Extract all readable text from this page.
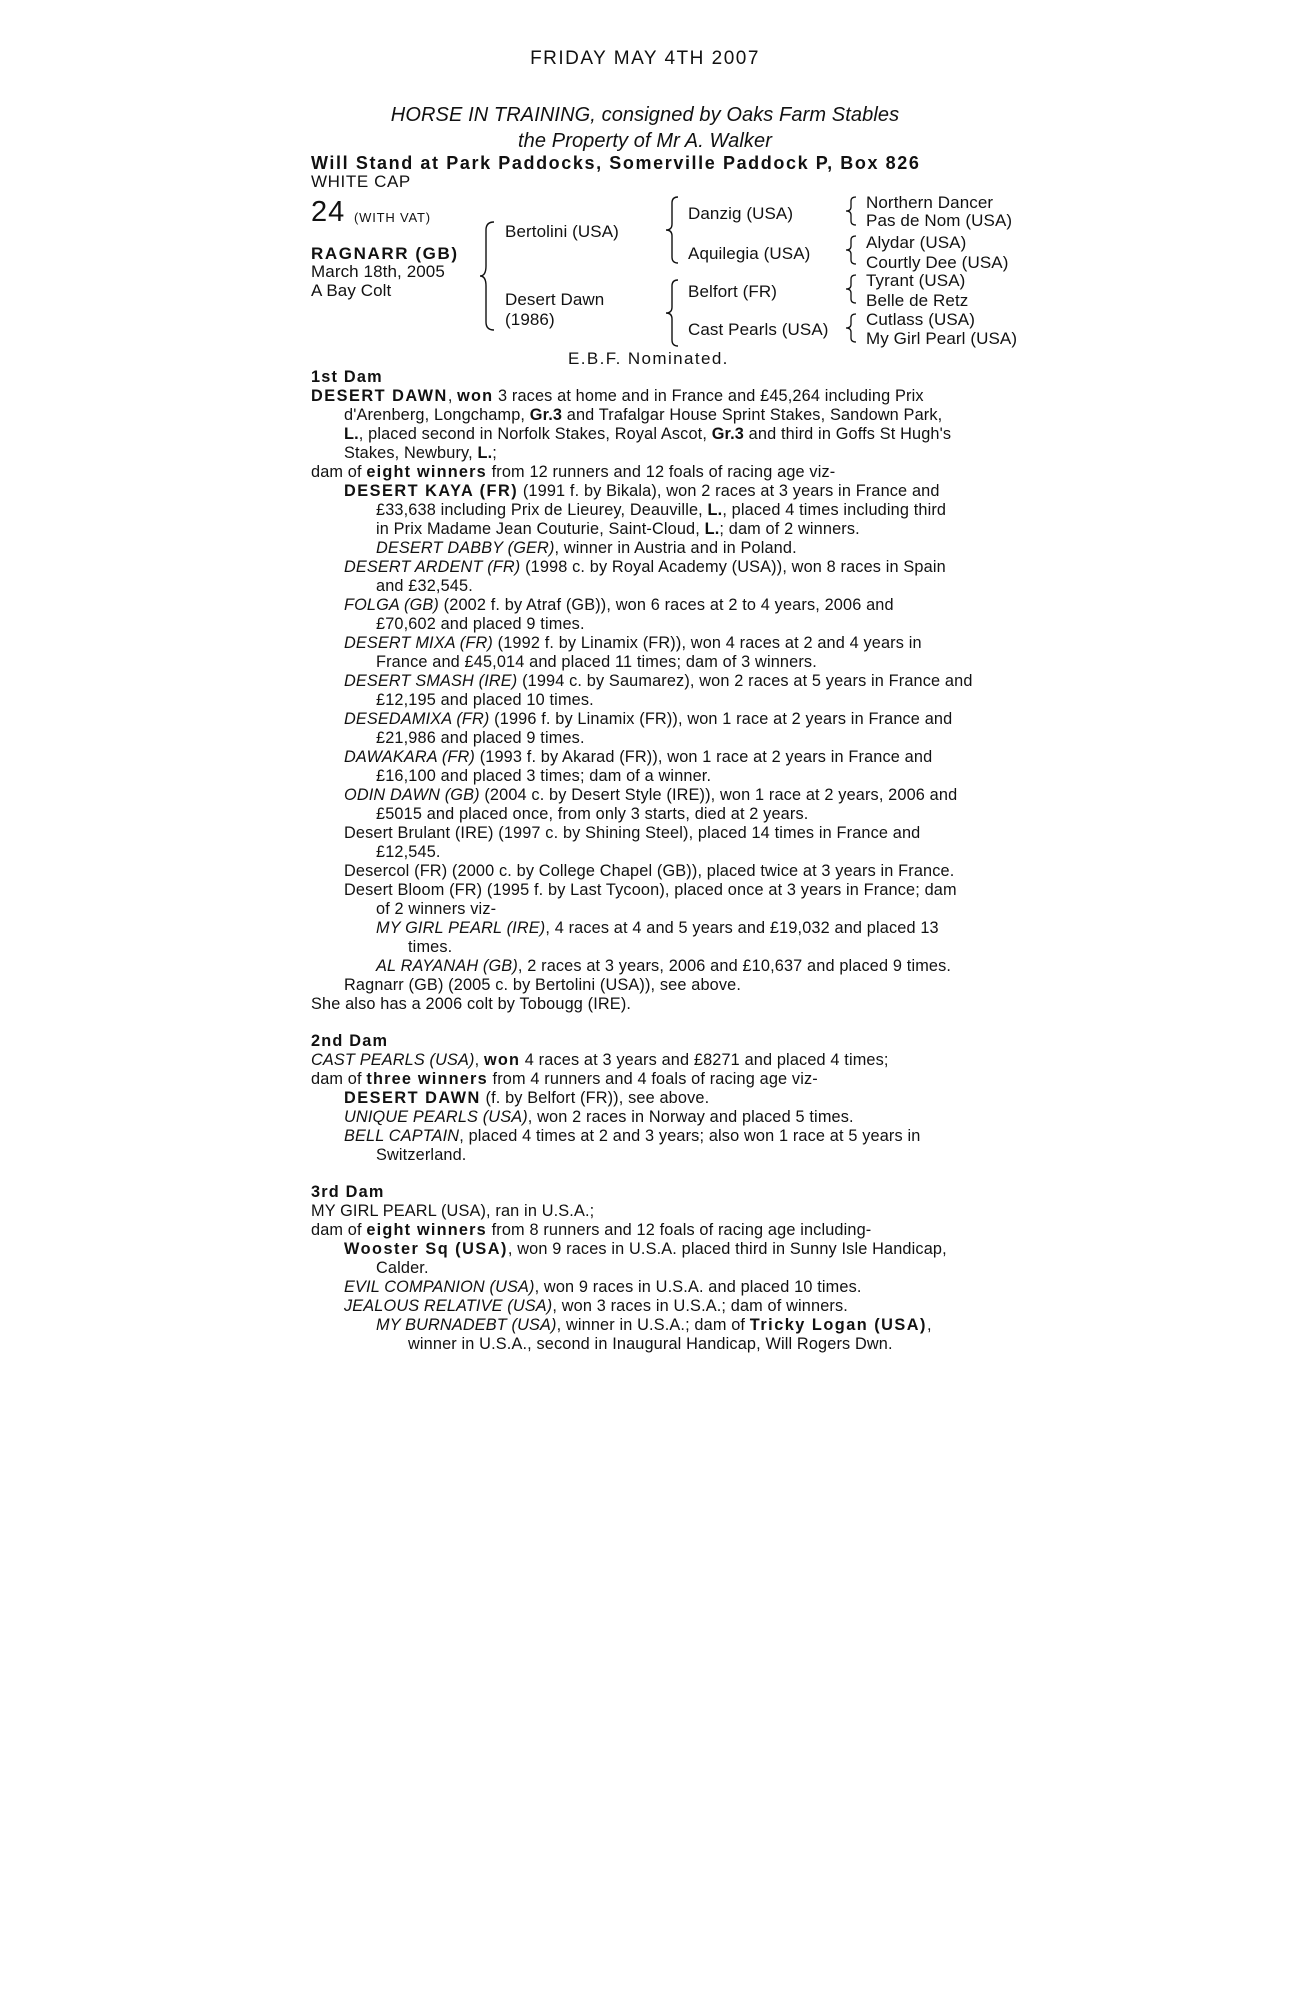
FRIDAY MAY 4TH 2007
HORSE IN TRAINING, consigned by Oaks Farm Stables
the Property of Mr A. Walker
Will Stand at Park Paddocks, Somerville Paddock P, Box 826
WHITE CAP
24 (WITH VAT)
RAGNARR (GB)
March 18th, 2005
A Bay Colt
Bertolini (USA)
Desert Dawn
(1986)
Danzig (USA)
Aquilegia (USA)
Belfort (FR)
Cast Pearls (USA)
Northern Dancer
Pas de Nom (USA)
Alydar (USA)
Courtly Dee (USA)
Tyrant (USA)
Belle de Retz
Cutlass (USA)
My Girl Pearl (USA)
E.B.F. Nominated.
1st Dam
DESERT DAWN, won 3 races at home and in France and £45,264 including Prix
d'Arenberg, Longchamp, Gr.3 and Trafalgar House Sprint Stakes, Sandown Park,
L., placed second in Norfolk Stakes, Royal Ascot, Gr.3 and third in Goffs St Hugh's
Stakes, Newbury, L.;
dam of eight winners from 12 runners and 12 foals of racing age viz-
DESERT KAYA (FR) (1991 f. by Bikala), won 2 races at 3 years in France and
£33,638 including Prix de Lieurey, Deauville, L., placed 4 times including third
in Prix Madame Jean Couturie, Saint-Cloud, L.; dam of 2 winners.
DESERT DABBY (GER), winner in Austria and in Poland.
DESERT ARDENT (FR) (1998 c. by Royal Academy (USA)), won 8 races in Spain
and £32,545.
FOLGA (GB) (2002 f. by Atraf (GB)), won 6 races at 2 to 4 years, 2006 and
£70,602 and placed 9 times.
DESERT MIXA (FR) (1992 f. by Linamix (FR)), won 4 races at 2 and 4 years in
France and £45,014 and placed 11 times; dam of 3 winners.
DESERT SMASH (IRE) (1994 c. by Saumarez), won 2 races at 5 years in France and
£12,195 and placed 10 times.
DESEDAMIXA (FR) (1996 f. by Linamix (FR)), won 1 race at 2 years in France and
£21,986 and placed 9 times.
DAWAKARA (FR) (1993 f. by Akarad (FR)), won 1 race at 2 years in France and
£16,100 and placed 3 times; dam of a winner.
ODIN DAWN (GB) (2004 c. by Desert Style (IRE)), won 1 race at 2 years, 2006 and
£5015 and placed once, from only 3 starts, died at 2 years.
Desert Brulant (IRE) (1997 c. by Shining Steel), placed 14 times in France and
£12,545.
Desercol (FR) (2000 c. by College Chapel (GB)), placed twice at 3 years in France.
Desert Bloom (FR) (1995 f. by Last Tycoon), placed once at 3 years in France; dam
of 2 winners viz-
MY GIRL PEARL (IRE), 4 races at 4 and 5 years and £19,032 and placed 13
times.
AL RAYANAH (GB), 2 races at 3 years, 2006 and £10,637 and placed 9 times.
Ragnarr (GB) (2005 c. by Bertolini (USA)), see above.
She also has a 2006 colt by Tobougg (IRE).
2nd Dam
CAST PEARLS (USA), won 4 races at 3 years and £8271 and placed 4 times;
dam of three winners from 4 runners and 4 foals of racing age viz-
DESERT DAWN (f. by Belfort (FR)), see above.
UNIQUE PEARLS (USA), won 2 races in Norway and placed 5 times.
BELL CAPTAIN, placed 4 times at 2 and 3 years; also won 1 race at 5 years in
Switzerland.
3rd Dam
MY GIRL PEARL (USA), ran in U.S.A.;
dam of eight winners from 8 runners and 12 foals of racing age including-
Wooster Sq (USA), won 9 races in U.S.A. placed third in Sunny Isle Handicap,
Calder.
EVIL COMPANION (USA), won 9 races in U.S.A. and placed 10 times.
JEALOUS RELATIVE (USA), won 3 races in U.S.A.; dam of winners.
MY BURNADEBT (USA), winner in U.S.A.; dam of Tricky Logan (USA),
winner in U.S.A., second in Inaugural Handicap, Will Rogers Dwn.
